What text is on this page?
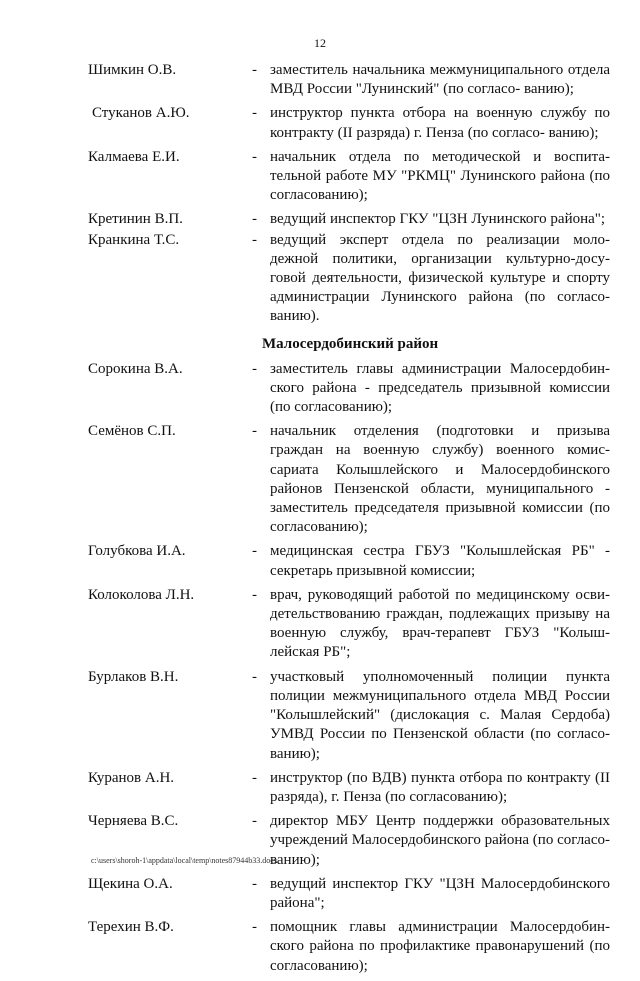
12
Шимкин О.В.	- заместитель начальника межмуниципального отдела МВД России "Лунинский" (по согласо- ванию);
Стуканов А.Ю.	- инструктор пункта отбора на военную службу по контракту (II разряда) г. Пенза (по согласо- ванию);
Калмаева Е.И.	- начальник отдела по методической и воспита- тельной работе МУ "РКМЦ" Лунинского района (по согласованию);
Кретинин В.П.	- ведущий инспектор ГКУ "ЦЗН Лунинского района";
Кранкина Т.С.	- ведущий эксперт отдела по реализации моло- дежной политики, организации культурно-досу- говой деятельности, физической культуре и спорту администрации Лунинского района (по согласо- ванию).
Малосердобинский район
Сорокина В.А.	- заместитель главы администрации Малосердобин- ского района - председатель призывной комиссии (по согласованию);
Семёнов С.П.	- начальник отделения (подготовки и призыва граждан на военную службу) военного комис- сариата Колышлейского и Малосердобинского районов Пензенской области, муниципального - заместитель председателя призывной комиссии (по согласованию);
Голубкова И.А.	- медицинская сестра ГБУЗ "Колышлейская РБ" - секретарь призывной комиссии;
Колоколова Л.Н.	- врач, руководящий работой по медицинскому осви- детельствованию граждан, подлежащих призыву на военную службу, врач-терапевт ГБУЗ "Колыш- лейская РБ";
Бурлаков В.Н.	- участковый уполномоченный полиции пункта полиции межмуниципального отдела МВД России "Колышлейский" (дислокация с. Малая Сердоба) УМВД России по Пензенской области (по согласо- ванию);
Куранов А.Н.	- инструктор (по ВДВ) пункта отбора по контракту (II разряда), г. Пенза (по согласованию);
Черняева В.С.	- директор МБУ Центр поддержки образовательных учреждений Малосердобинского района (по согласо- ванию);
Щекина О.А.	- ведущий инспектор ГКУ "ЦЗН Малосердобинского района";
Терехин В.Ф.	- помощник главы администрации Малосердобин- ского района по профилактике правонарушений (по согласованию);
c:\users\shoroh-1\appdata\local\temp\notes87944b33.docx
